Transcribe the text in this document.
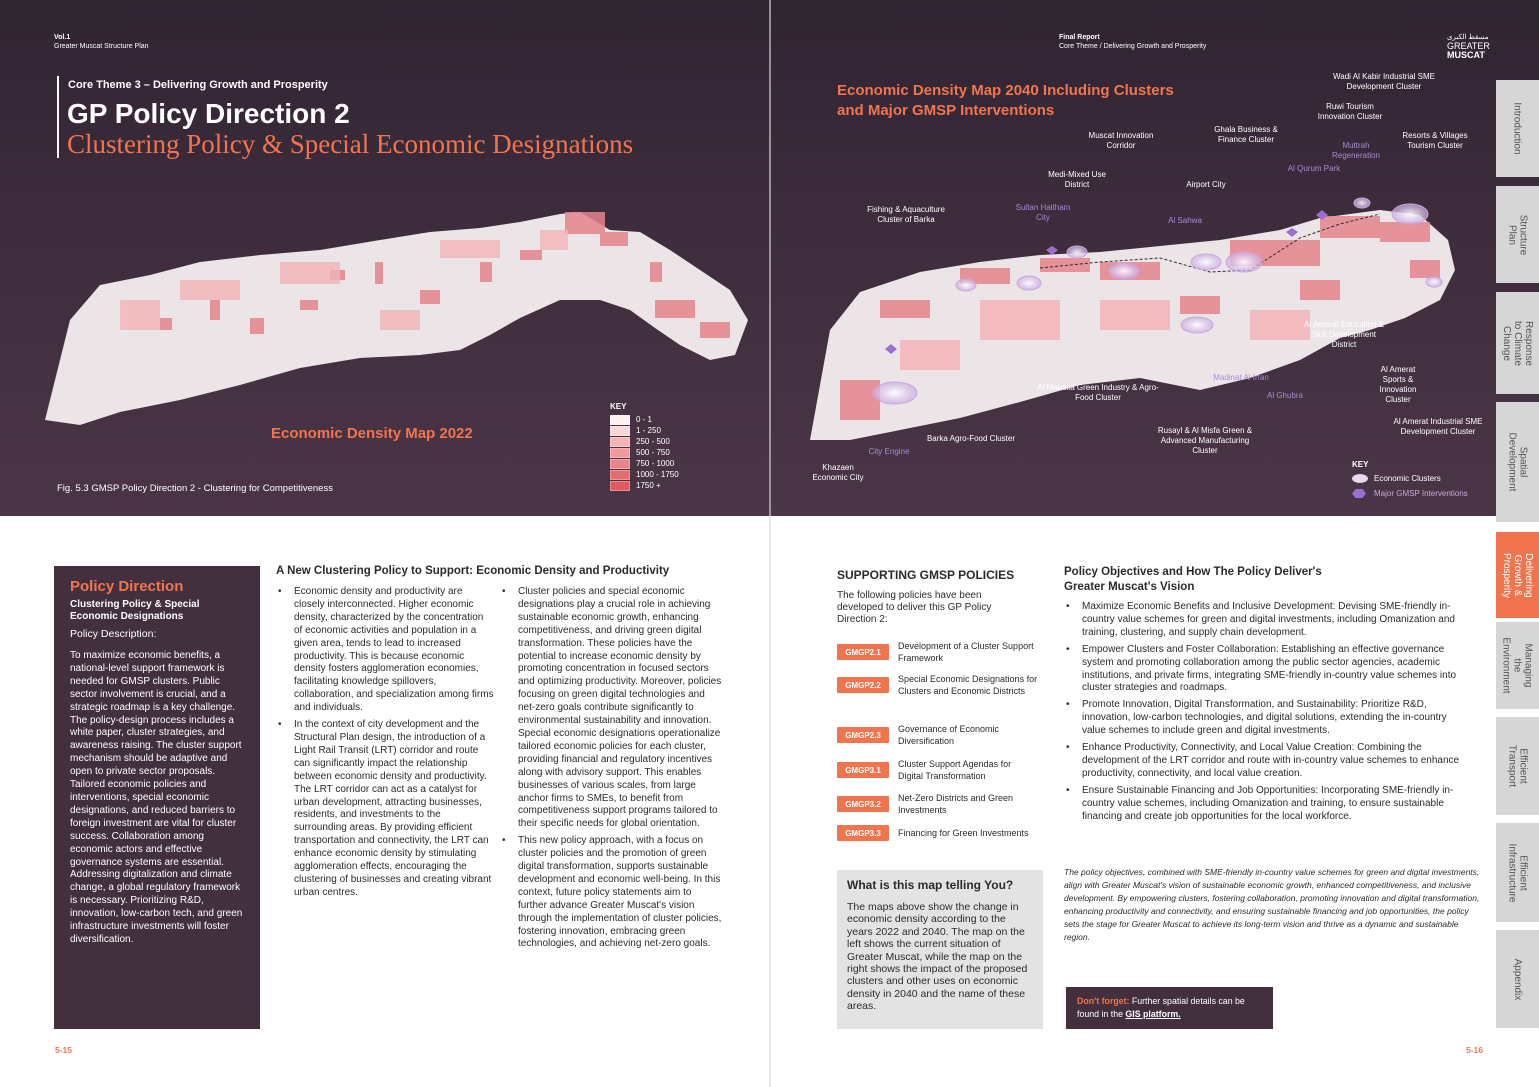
Vol.1
Greater Muscat Structure Plan
Core Theme 3 – Delivering Growth and Prosperity
GP Policy Direction 2
Clustering Policy & Special Economic Designations
Economic Density Map 2022
KEY
0 - 1
1 - 250
250 - 500
500 - 750
750 - 1000
1000 - 1750
1750 +
Fig. 5.3 GMSP Policy Direction 2 - Clustering for Competitiveness
Final Report
Core Theme / Delivering Growth and Prosperity
مسقط الكبرى
GREATER
MUSCAT
Economic Density Map 2040 Including Clusters
and Major GMSP Interventions
Wadi Al Kabir Industrial SME Development Cluster
Ruwi Tourism Innovation Cluster
Resorts & Villages Tourism Cluster
Muttrah Regeneration
Al Qurum Park
Ghala Business & Finance Cluster
Muscat Innovation Corridor
Airport City
Medi-Mixed Use District
Sultan Haitham City	Al Sahwa
Fishing & Aquaculture Cluster of Barka
Al Amerat Education & Skill Development District
Al Amerat Sports & Innovation Cluster
Al Amerat Industrial SME Development Cluster
Al Mabella Green Industry & Agro-Food Cluster
Madinat Al Irfan
Al Ghubra
Rusayl & Al Misfa Green & Advanced Manufacturing Cluster
Barka Agro-Food Cluster
City Engine
Khazaen Economic City
KEY
Economic Clusters
Major GMSP Interventions
Introduction
Structure Plan
Response to Climate Change
Spatial Development
Delivering Growth & Prosperity
Managing the Environment
Efficient Transport
Efficient Infrastructure
Appendix
Policy Direction
Clustering Policy & Special Economic Designations
Policy Description:
To maximize economic benefits, a national-level support framework is needed for GMSP clusters. Public sector involvement is crucial, and a strategic roadmap is a key challenge. The policy-design process includes a white paper, cluster strategies, and awareness raising. The cluster support mechanism should be adaptive and open to private sector proposals. Tailored economic policies and interventions, special economic designations, and reduced barriers to foreign investment are vital for cluster success. Collaboration among economic actors and effective governance systems are essential. Addressing digitalization and climate change, a global regulatory framework is necessary. Prioritizing R&D, innovation, low-carbon tech, and green infrastructure investments will foster diversification.
A New Clustering Policy to Support: Economic Density and Productivity
• Economic density and productivity are closely interconnected. Higher economic density, characterized by the concentration of economic activities and population in a given area, tends to lead to increased productivity. This is because economic density fosters agglomeration economies, facilitating knowledge spillovers, collaboration, and specialization among firms and individuals.
• In the context of city development and the Structural Plan design, the introduction of a Light Rail Transit (LRT) corridor and route can significantly impact the relationship between economic density and productivity. The LRT corridor can act as a catalyst for urban development, attracting businesses, residents, and investments to the surrounding areas. By providing efficient transportation and connectivity, the LRT can enhance economic density by stimulating agglomeration effects, encouraging the clustering of businesses and creating vibrant urban centres.
• Cluster policies and special economic designations play a crucial role in achieving sustainable economic growth, enhancing competitiveness, and driving green digital transformation. These policies have the potential to increase economic density by promoting concentration in focused sectors and optimizing productivity. Moreover, policies focusing on green digital technologies and net-zero goals contribute significantly to environmental sustainability and innovation. Special economic designations operationalize tailored economic policies for each cluster, providing financial and regulatory incentives along with advisory support. This enables businesses of various scales, from large anchor firms to SMEs, to benefit from competitiveness support programs tailored to their specific needs for global orientation.
• This new policy approach, with a focus on cluster policies and the promotion of green digital transformation, supports sustainable development and economic well-being. In this context, future policy statements aim to further advance Greater Muscat's vision through the implementation of cluster policies, fostering innovation, embracing green technologies, and achieving net-zero goals.
5-15
SUPPORTING GMSP POLICIES
The following policies have been developed to deliver this GP Policy Direction 2:
GMGP2.1
Development of a Cluster Support Framework
GMGP2.2
Special Economic Designations for Clusters and Economic Districts
GMGP2.3
Governance of Economic Diversification
GMGP3.1
Cluster Support Agendas for Digital Transformation
GMGP3.2
Net-Zero Districts and Green Investments
GMGP3.3	Financing for Green Investments
What is this map telling You?
The maps above show the change in economic density according to the years 2022 and 2040. The map on the left shows the current situation of Greater Muscat, while the map on the right shows the impact of the proposed clusters and other uses on economic density in 2040 and the name of these areas.
Policy Objectives and How The Policy Deliver's Greater Muscat's Vision
• Maximize Economic Benefits and Inclusive Development: Devising SME-friendly in-country value schemes for green and digital investments, including Omanization and training, clustering, and supply chain development.
• Empower Clusters and Foster Collaboration: Establishing an effective governance system and promoting collaboration among the public sector agencies, academic institutions, and private firms, integrating SME-friendly in-country value schemes into cluster strategies and roadmaps.
• Promote Innovation, Digital Transformation, and Sustainability: Prioritize R&D, innovation, low-carbon technologies, and digital solutions, extending the in-country value schemes to include green and digital investments.
• Enhance Productivity, Connectivity, and Local Value Creation: Combining the development of the LRT corridor and route with in-country value schemes to enhance productivity, connectivity, and local value creation.
• Ensure Sustainable Financing and Job Opportunities: Incorporating SME-friendly in-country value schemes, including Omanization and training, to ensure sustainable financing and create job opportunities for the local workforce.
The policy objectives, combined with SME-friendly in-country value schemes for green and digital investments, align with Greater Muscat's vision of sustainable economic growth, enhanced competitiveness, and inclusive development. By empowering clusters, fostering collaboration, promoting innovation and digital transformation, enhancing productivity and connectivity, and ensuring sustainable financing and job opportunities, the policy sets the stage for Greater Muscat to achieve its long-term vision and thrive as a dynamic and sustainable region.
Don't forget: Further spatial details can be found in the GIS platform.
5-16
